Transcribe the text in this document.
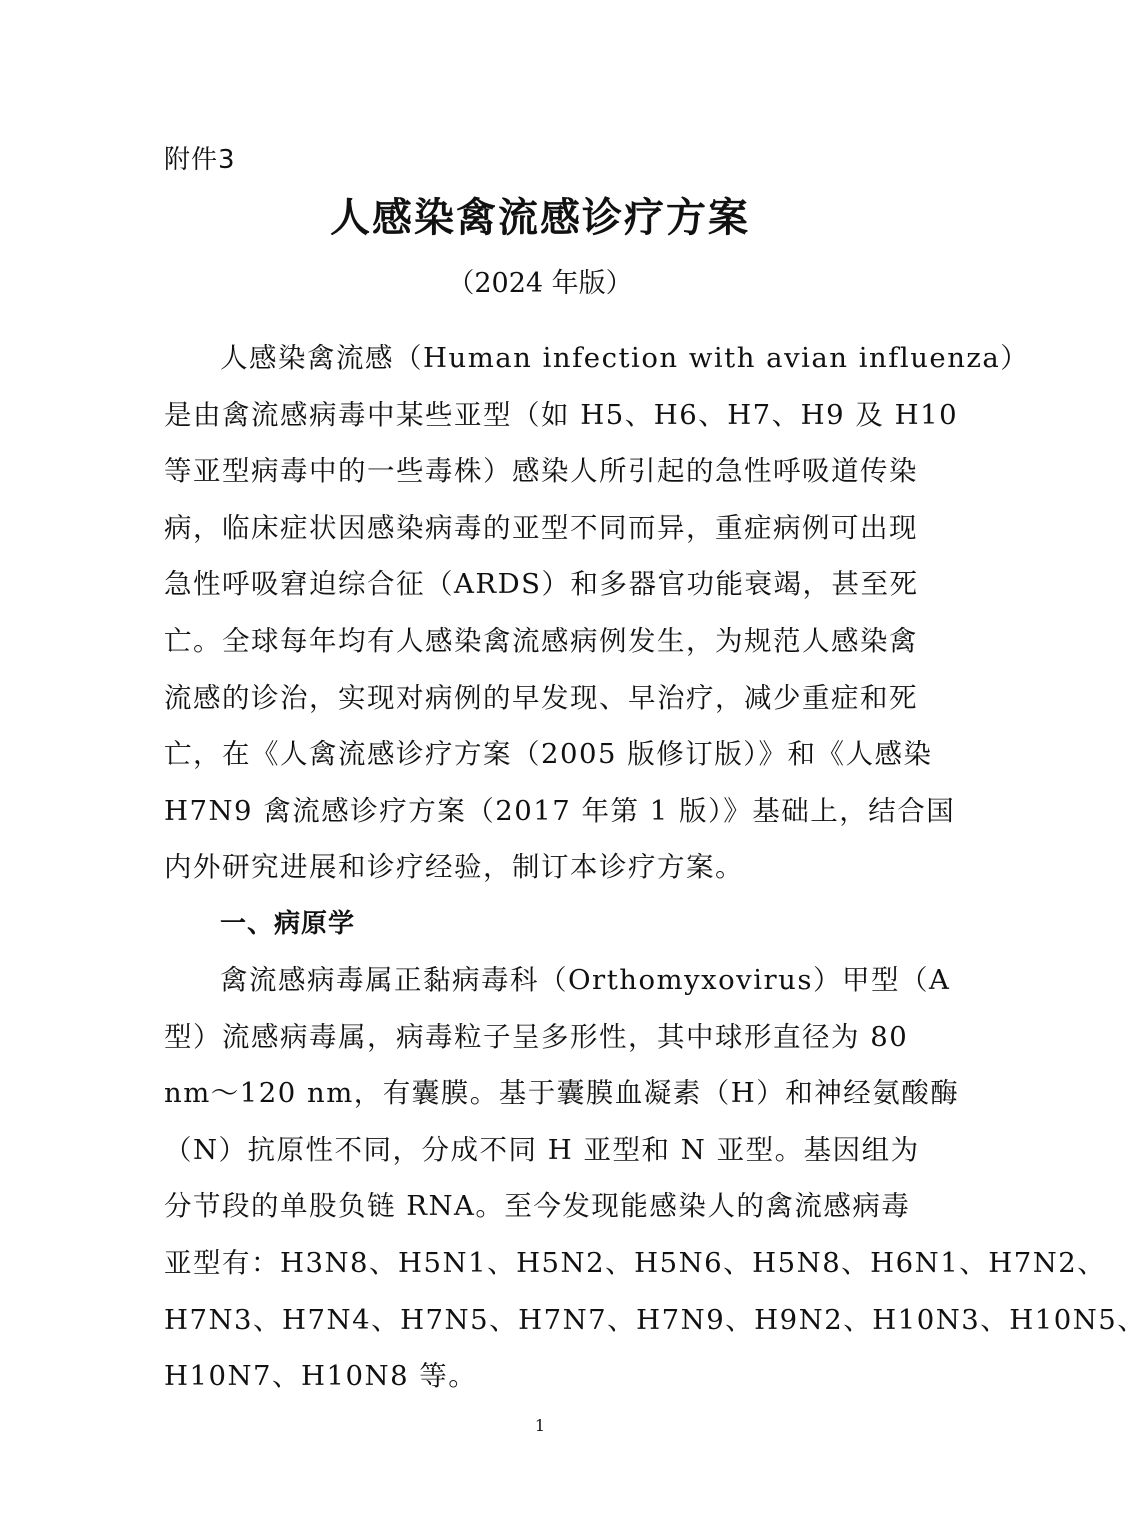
附件3
人感染禽流感诊疗方案
（2024 年版）
人感染禽流感（Human infection with avian influenza）
是由禽流感病毒中某些亚型（如 H5、H6、H7、H9 及 H10
等亚型病毒中的一些毒株）感染人所引起的急性呼吸道传染
病，临床症状因感染病毒的亚型不同而异，重症病例可出现
急性呼吸窘迫综合征（ARDS）和多器官功能衰竭，甚至死
亡。全球每年均有人感染禽流感病例发生，为规范人感染禽
流感的诊治，实现对病例的早发现、早治疗，减少重症和死
亡，在《人禽流感诊疗方案（2005 版修订版）》和《人感染
H7N9 禽流感诊疗方案（2017 年第 1 版）》基础上，结合国
内外研究进展和诊疗经验，制订本诊疗方案。
一、病原学
禽流感病毒属正黏病毒科（Orthomyxovirus）甲型（A
型）流感病毒属，病毒粒子呈多形性，其中球形直径为 80
nm～120 nm，有囊膜。基于囊膜血凝素（H）和神经氨酸酶
（N）抗原性不同，分成不同 H 亚型和 N 亚型。基因组为
分节段的单股负链 RNA。至今发现能感染人的禽流感病毒
亚型有：H3N8、H5N1、H5N2、H5N6、H5N8、H6N1、H7N2、
H7N3、H7N4、H7N5、H7N7、H7N9、H9N2、H10N3、H10N5、
H10N7、H10N8 等。
1
